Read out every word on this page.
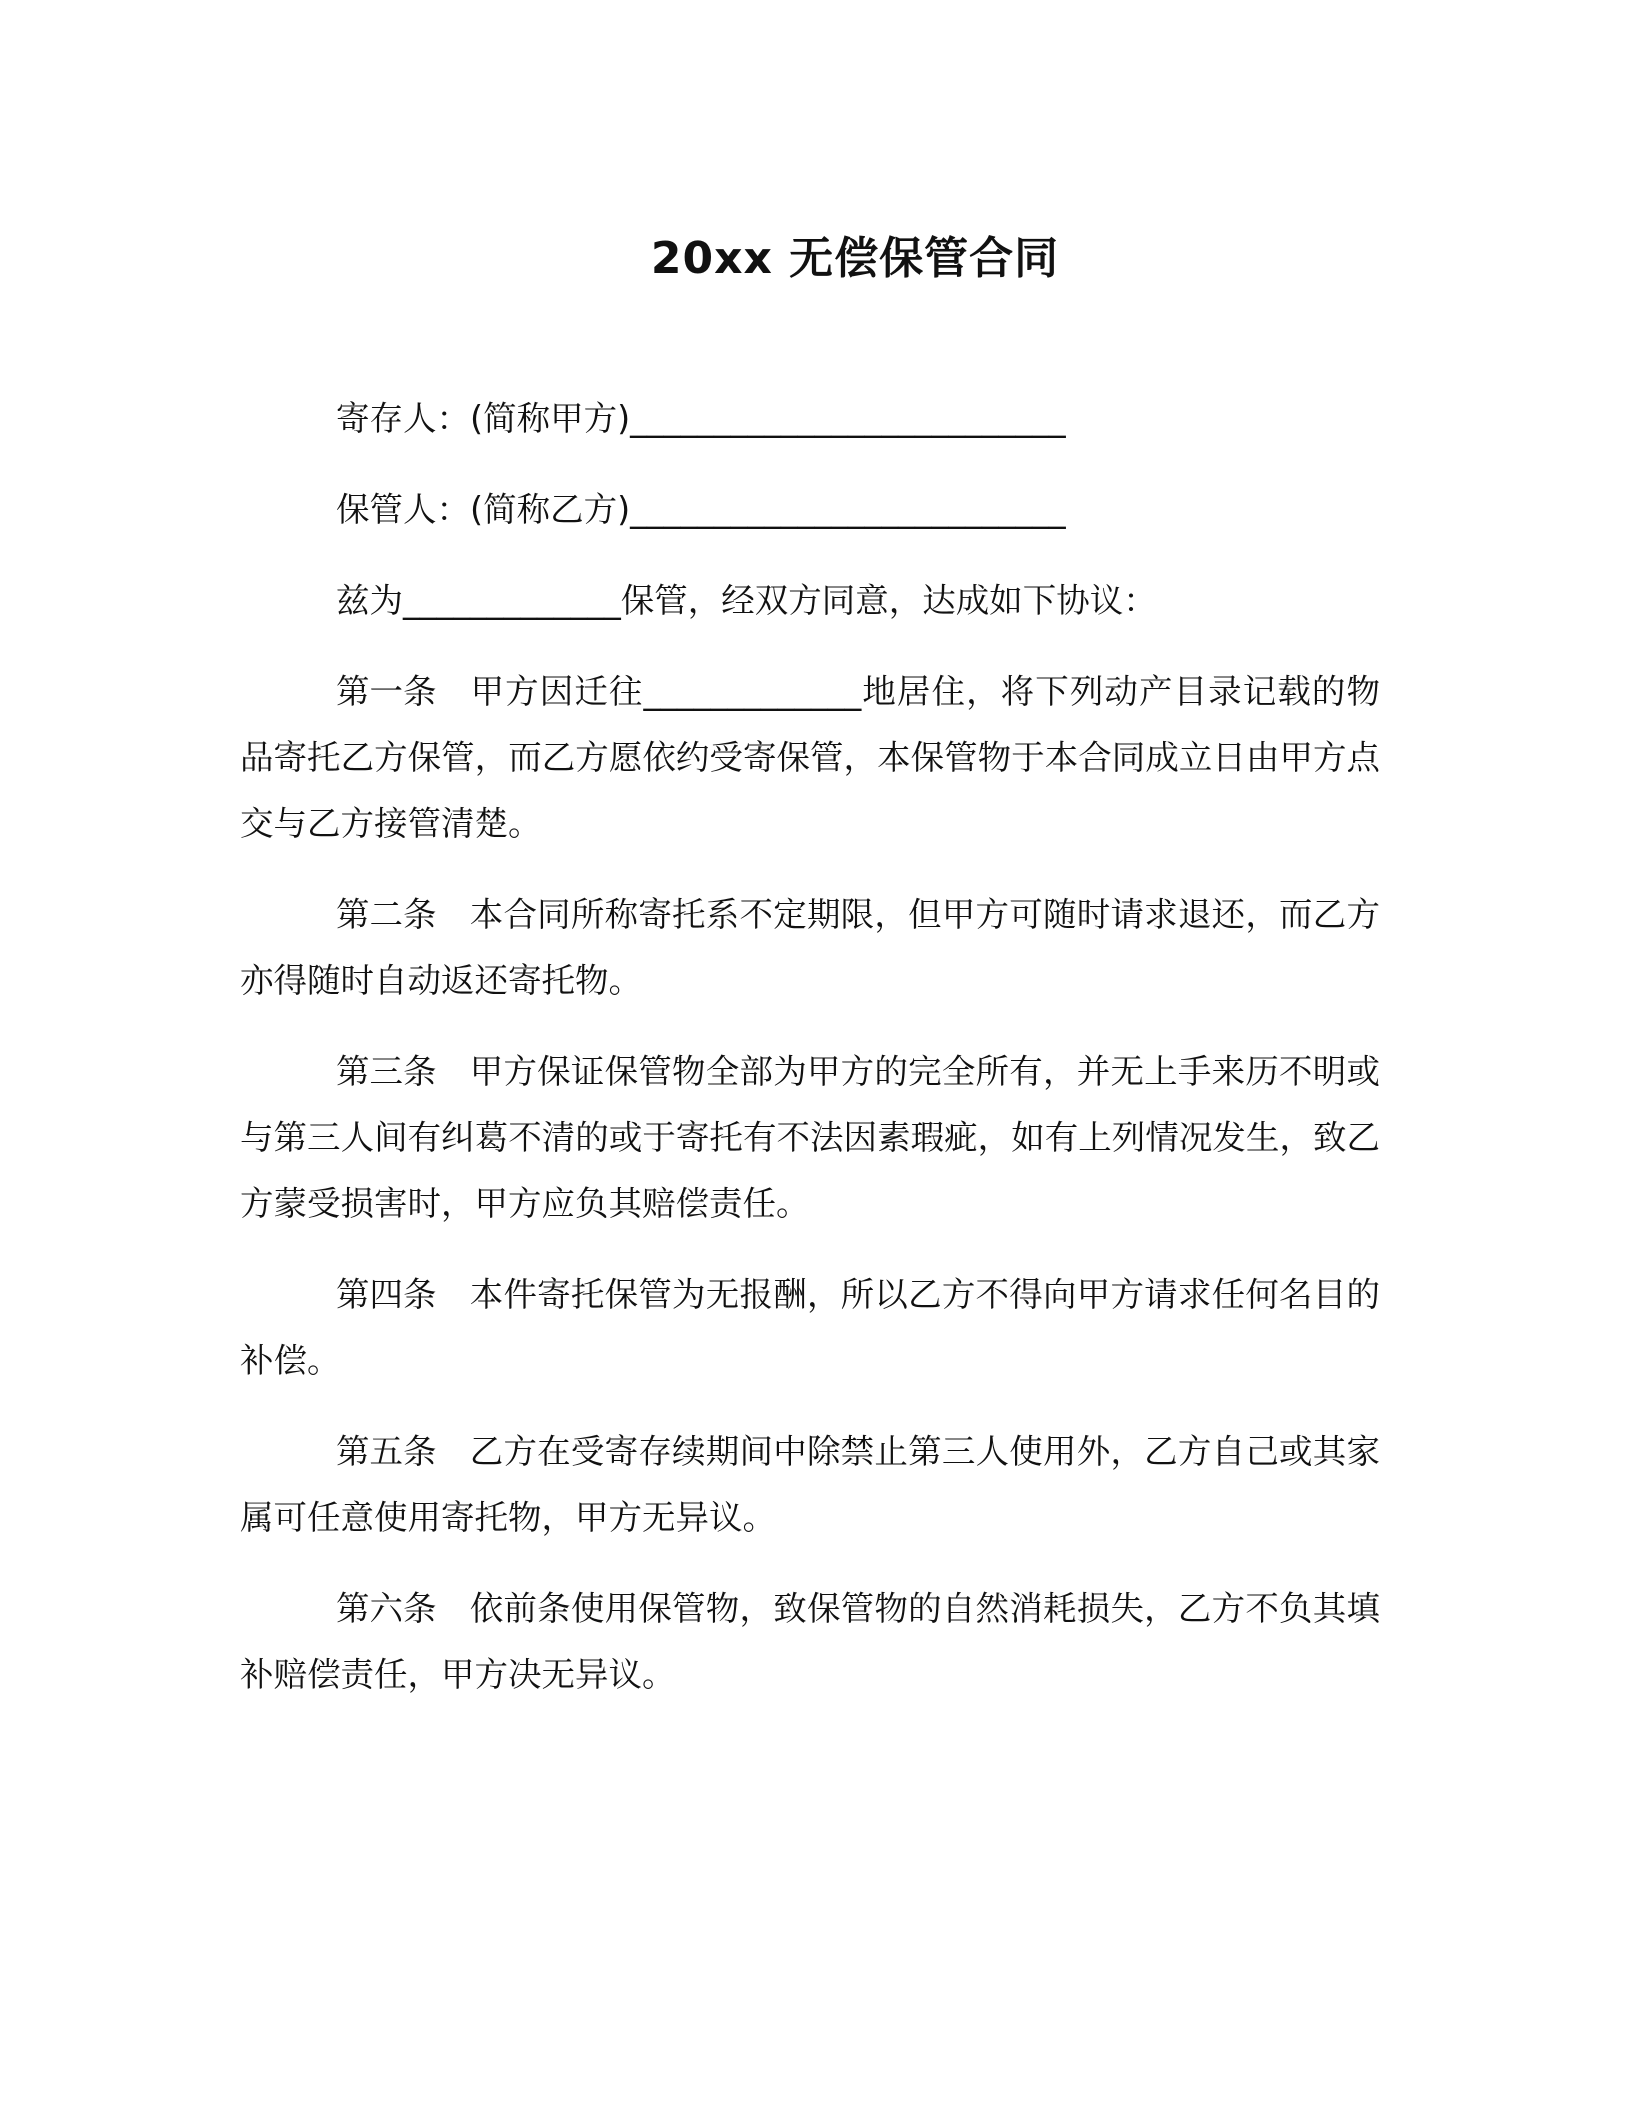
20xx 无偿保管合同

寄存人：(简称甲方)__________________________

保管人：(简称乙方)__________________________

兹为_____________保管，经双方同意，达成如下协议：

第一条 甲方因迁往_____________地居住，将下列动产目录记载的物品寄托乙方保管，而乙方愿依约受寄保管，本保管物于本合同成立日由甲方点交与乙方接管清楚。

第二条 本合同所称寄托系不定期限，但甲方可随时请求退还，而乙方亦得随时自动返还寄托物。

第三条 甲方保证保管物全部为甲方的完全所有，并无上手来历不明或与第三人间有纠葛不清的或于寄托有不法因素瑕疵，如有上列情况发生，致乙方蒙受损害时，甲方应负其赔偿责任。

第四条 本件寄托保管为无报酬，所以乙方不得向甲方请求任何名目的补偿。

第五条 乙方在受寄存续期间中除禁止第三人使用外，乙方自己或其家属可任意使用寄托物，甲方无异议。

第六条 依前条使用保管物，致保管物的自然消耗损失，乙方不负其填补赔偿责任，甲方决无异议。
